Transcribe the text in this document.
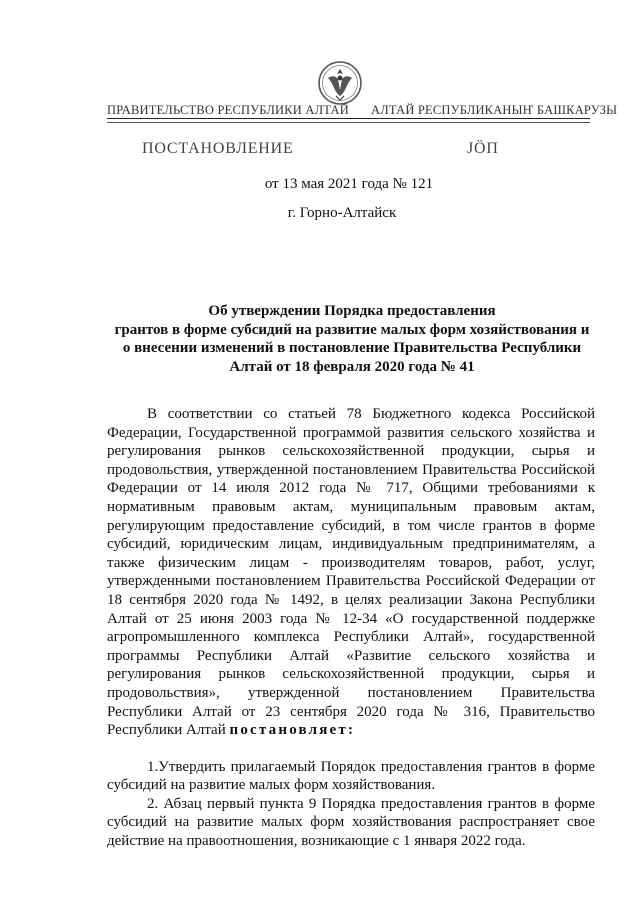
ПРАВИТЕЛЬСТВО РЕСПУБЛИКИ АЛТАЙ АЛТАЙ РЕСПУБЛИКАНЫҤ БАШКАРУЗЫ
ПОСТАНОВЛЕНИЕ	ЈӦП
от 13 мая 2021 года № 121
г. Горно-Алтайск
Об утверждении Порядка предоставления
грантов в форме субсидий на развитие малых форм хозяйствования и
о внесении изменений в постановление Правительства Республики
Алтай от 18 февраля 2020 года № 41

В соответствии со статьей 78 Бюджетного кодекса Российской Федерации, Государственной программой развития сельского хозяйства и регулирования рынков сельскохозяйственной продукции, сырья и продовольствия, утвержденной постановлением Правительства Российской Федерации от 14 июля 2012 года № 717, Общими требованиями к нормативным правовым актам, муниципальным правовым актам, регулирующим предоставление субсидий, в том числе грантов в форме субсидий, юридическим лицам, индивидуальным предпринимателям, а также физическим лицам - производителям товаров, работ, услуг, утвержденными постановлением Правительства Российской Федерации от 18 сентября 2020 года № 1492, в целях реализации Закона Республики Алтай от 25 июня 2003 года № 12-34 «О государственной поддержке агропромышленного комплекса Республики Алтай», государственной программы Республики Алтай «Развитие сельского хозяйства и регулирования рынков сельскохозяйственной продукции, сырья и продовольствия», утвержденной постановлением Правительства Республики Алтай от 23 сентября 2020 года № 316, Правительство Республики Алтай постановляет:

1.Утвердить прилагаемый Порядок предоставления грантов в форме субсидий на развитие малых форм хозяйствования.

2. Абзац первый пункта 9 Порядка предоставления грантов в форме субсидий на развитие малых форм хозяйствования распространяет свое действие на правоотношения, возникающие с 1 января 2022 года.
